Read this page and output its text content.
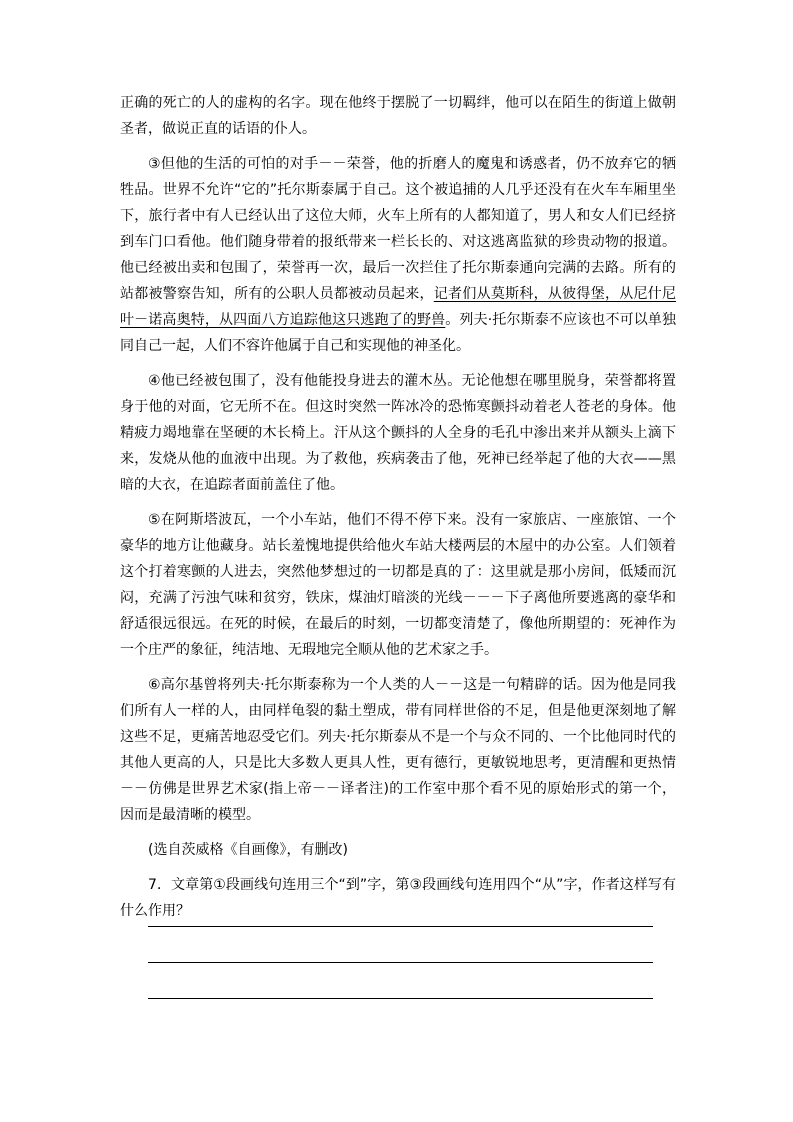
正确的死亡的人的虚构的名字。现在他终于摆脱了一切羁绊，他可以在陌生的街道上做朝圣者，做说正直的话语的仆人。

③但他的生活的可怕的对手－－荣誉，他的折磨人的魔鬼和诱惑者，仍不放弃它的牺牲品。世界不允许“它的”托尔斯泰属于自己。这个被追捕的人几乎还没有在火车车厢里坐下，旅行者中有人已经认出了这位大师，火车上所有的人都知道了，男人和女人们已经挤到车门口看他。他们随身带着的报纸带来一栏长长的、对这逃离监狱的珍贵动物的报道。他已经被出卖和包围了，荣誉再一次，最后一次拦住了托尔斯泰通向完满的去路。所有的站都被警察告知，所有的公职人员都被动员起来，记者们从莫斯科，从彼得堡，从尼什尼叶－诺高奥特，从四面八方追踪他这只逃跑了的野兽。列夫·托尔斯泰不应该也不可以单独同自己一起，人们不容许他属于自己和实现他的神圣化。

④他已经被包围了，没有他能投身进去的灌木丛。无论他想在哪里脱身，荣誉都将置身于他的对面，它无所不在。但这时突然一阵冰冷的恐怖寒颤抖动着老人苍老的身体。他精疲力竭地靠在坚硬的木长椅上。汗从这个颤抖的人全身的毛孔中渗出来并从额头上滴下来，发烧从他的血液中出现。为了救他，疾病袭击了他，死神已经举起了他的大衣——黑暗的大衣，在追踪者面前盖住了他。

⑤在阿斯塔波瓦，一个小车站，他们不得不停下来。没有一家旅店、一座旅馆、一个豪华的地方让他藏身。站长羞愧地提供给他火车站大楼两层的木屋中的办公室。人们领着这个打着寒颤的人进去，突然他梦想过的一切都是真的了：这里就是那小房间，低矮而沉闷，充满了污浊气味和贫穷，铁床，煤油灯暗淡的光线－－－下子离他所要逃离的豪华和舒适很远很远。在死的时候，在最后的时刻，一切都变清楚了，像他所期望的：死神作为一个庄严的象征，纯洁地、无瑕地完全顺从他的艺术家之手。

⑥高尔基曾将列夫·托尔斯泰称为一个人类的人－－这是一句精辟的话。因为他是同我们所有人一样的人，由同样龟裂的黏土塑成，带有同样世俗的不足，但是他更深刻地了解这些不足，更痛苦地忍受它们。列夫·托尔斯泰从不是一个与众不同的、一个比他同时代的其他人更高的人，只是比大多数人更具人性，更有德行，更敏锐地思考，更清醒和更热情－－仿佛是世界艺术家(指上帝－－译者注)的工作室中那个看不见的原始形式的第一个，因而是最清晰的模型。

(选自茨威格《自画像》，有删改)

7．文章第①段画线句连用三个“到”字，第③段画线句连用四个“从”字，作者这样写有什么作用？
